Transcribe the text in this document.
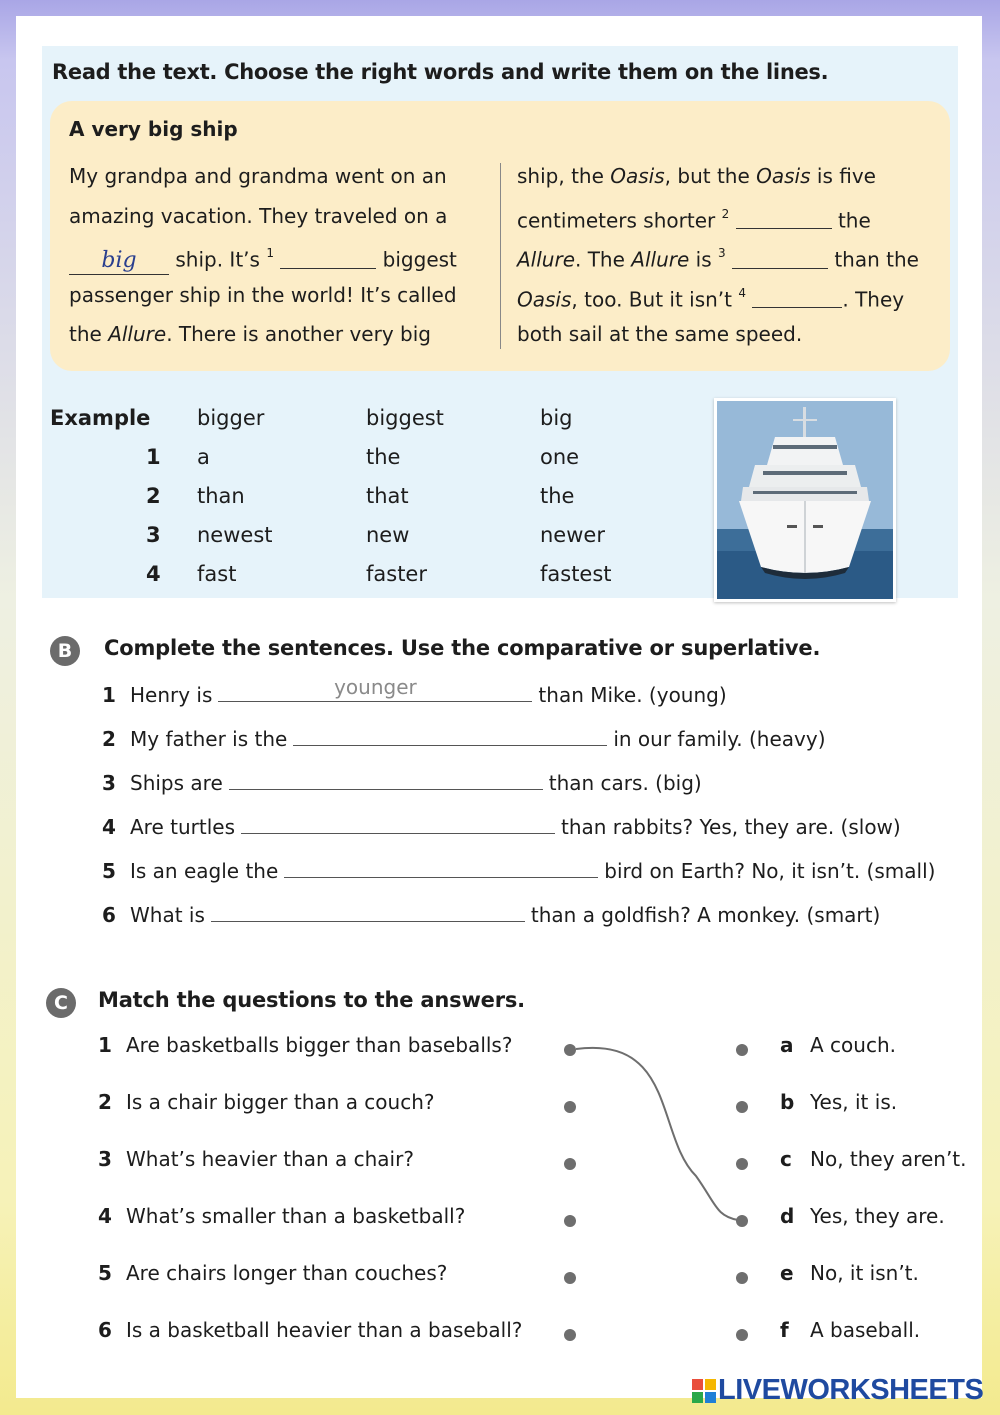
Read the text. Choose the right words and write them on the lines.
A very big ship
My grandpa and grandma went on an
amazing vacation. They traveled on a
big ship. It’s $^1$	biggest
passenger ship in the world! It’s called
the Allure. There is another very big
ship, the Oasis, but the Oasis is five
centimeters shorter $^2$	the
Allure. The Allure is $^3$	than the
Oasis, too. But it isn’t $^4$	. They
both sail at the same speed.
Example	bigger	biggest	big
1 a	the	one
2 than	that	the
3 newest	new	newer
4 fast	faster	fastest
B	Complete the sentences. Use the comparative or superlative.
1 Henry is	younger	than Mike. (young)
2 My father is the	in our family. (heavy)
3 Ships are	than cars. (big)
4 Are turtles	than rabbits? Yes, they are. (slow)
5 Is an eagle the	bird on Earth? No, it isn’t. (small)
6 What is	than a goldfish? A monkey. (smart)
C	Match the questions to the answers.
1 Are basketballs bigger than baseballs?
2 Is a chair bigger than a couch?
3 What’s heavier than a chair?
4 What’s smaller than a basketball?
5 Are chairs longer than couches?
6 Is a basketball heavier than a baseball?
a A couch.
b Yes, it is.
c No, they aren’t.
d Yes, they are.
e No, it isn’t.
f A baseball.
LIVEWORKSHEETS
